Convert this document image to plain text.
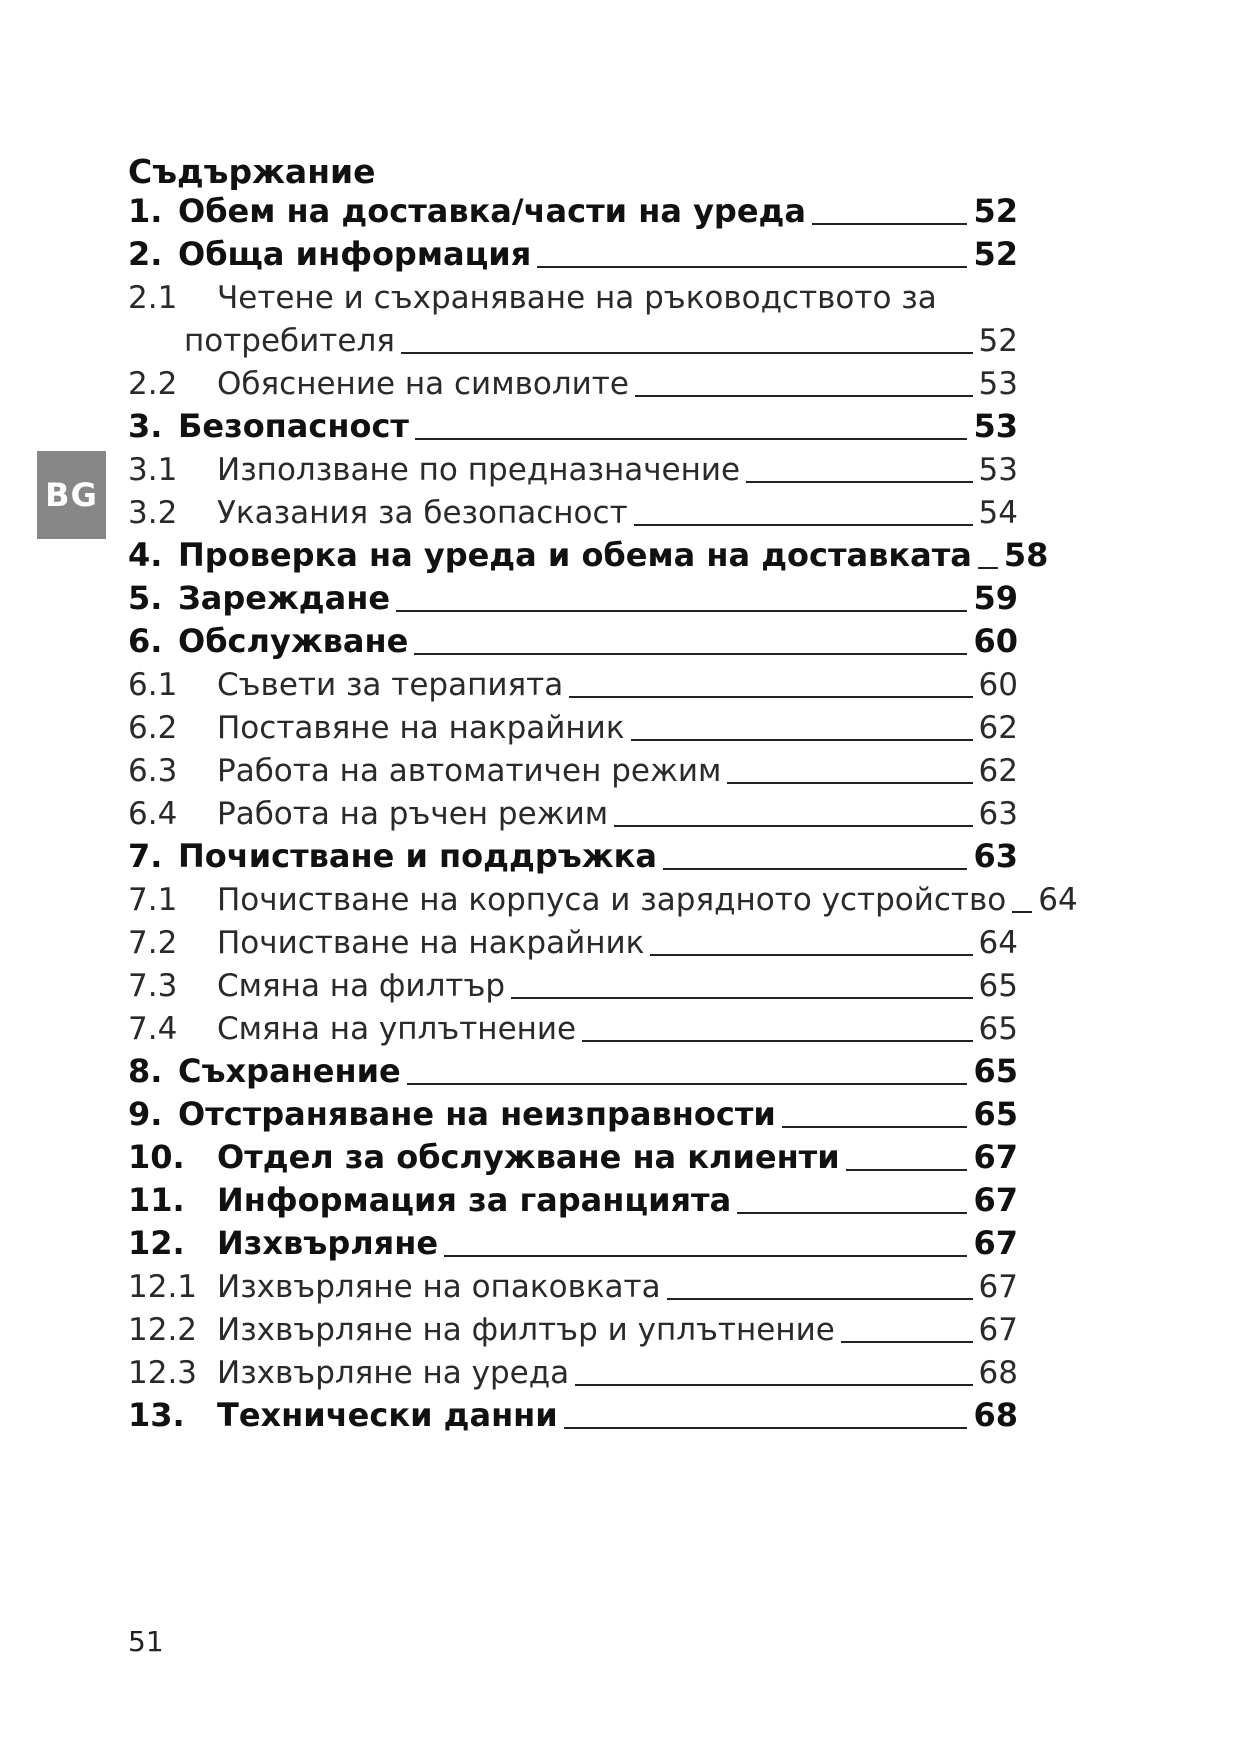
BG
Съдържание
1. Обем на доставка/части на уреда	52
2. Обща информация	52
2.1	Четене и съхраняване на ръководството за
потребителя	52
2.2	Обяснение на символите	53
3. Безопасност	53
3.1	Използване по предназначение	53
3.2	Указания за безопасност	54
4. Проверка на уреда и обема на доставката 58
5. Зареждане	59
6. Обслужване	60
6.1	Съвети за терапията	60
6.2	Поставяне на накрайник	62
6.3	Работа на автоматичен режим	62
6.4	Работа на ръчен режим	63
7. Почистване и поддръжка	63
7.1	Почистване на корпуса и зарядното устройство 64
7.2	Почистване на накрайник	64
7.3	Смяна на филтър	65
7.4	Смяна на уплътнение	65
8. Съхранение	65
9. Отстраняване на неизправности	65
10.	Отдел за обслужване на клиенти	67
11.	Информация за гаранцията	67
12.	Изхвърляне	67
12.1 Изхвърляне на опаковката	67
12.2 Изхвърляне на филтър и уплътнение	67
12.3 Изхвърляне на уреда	68
13.	Технически данни	68
51
